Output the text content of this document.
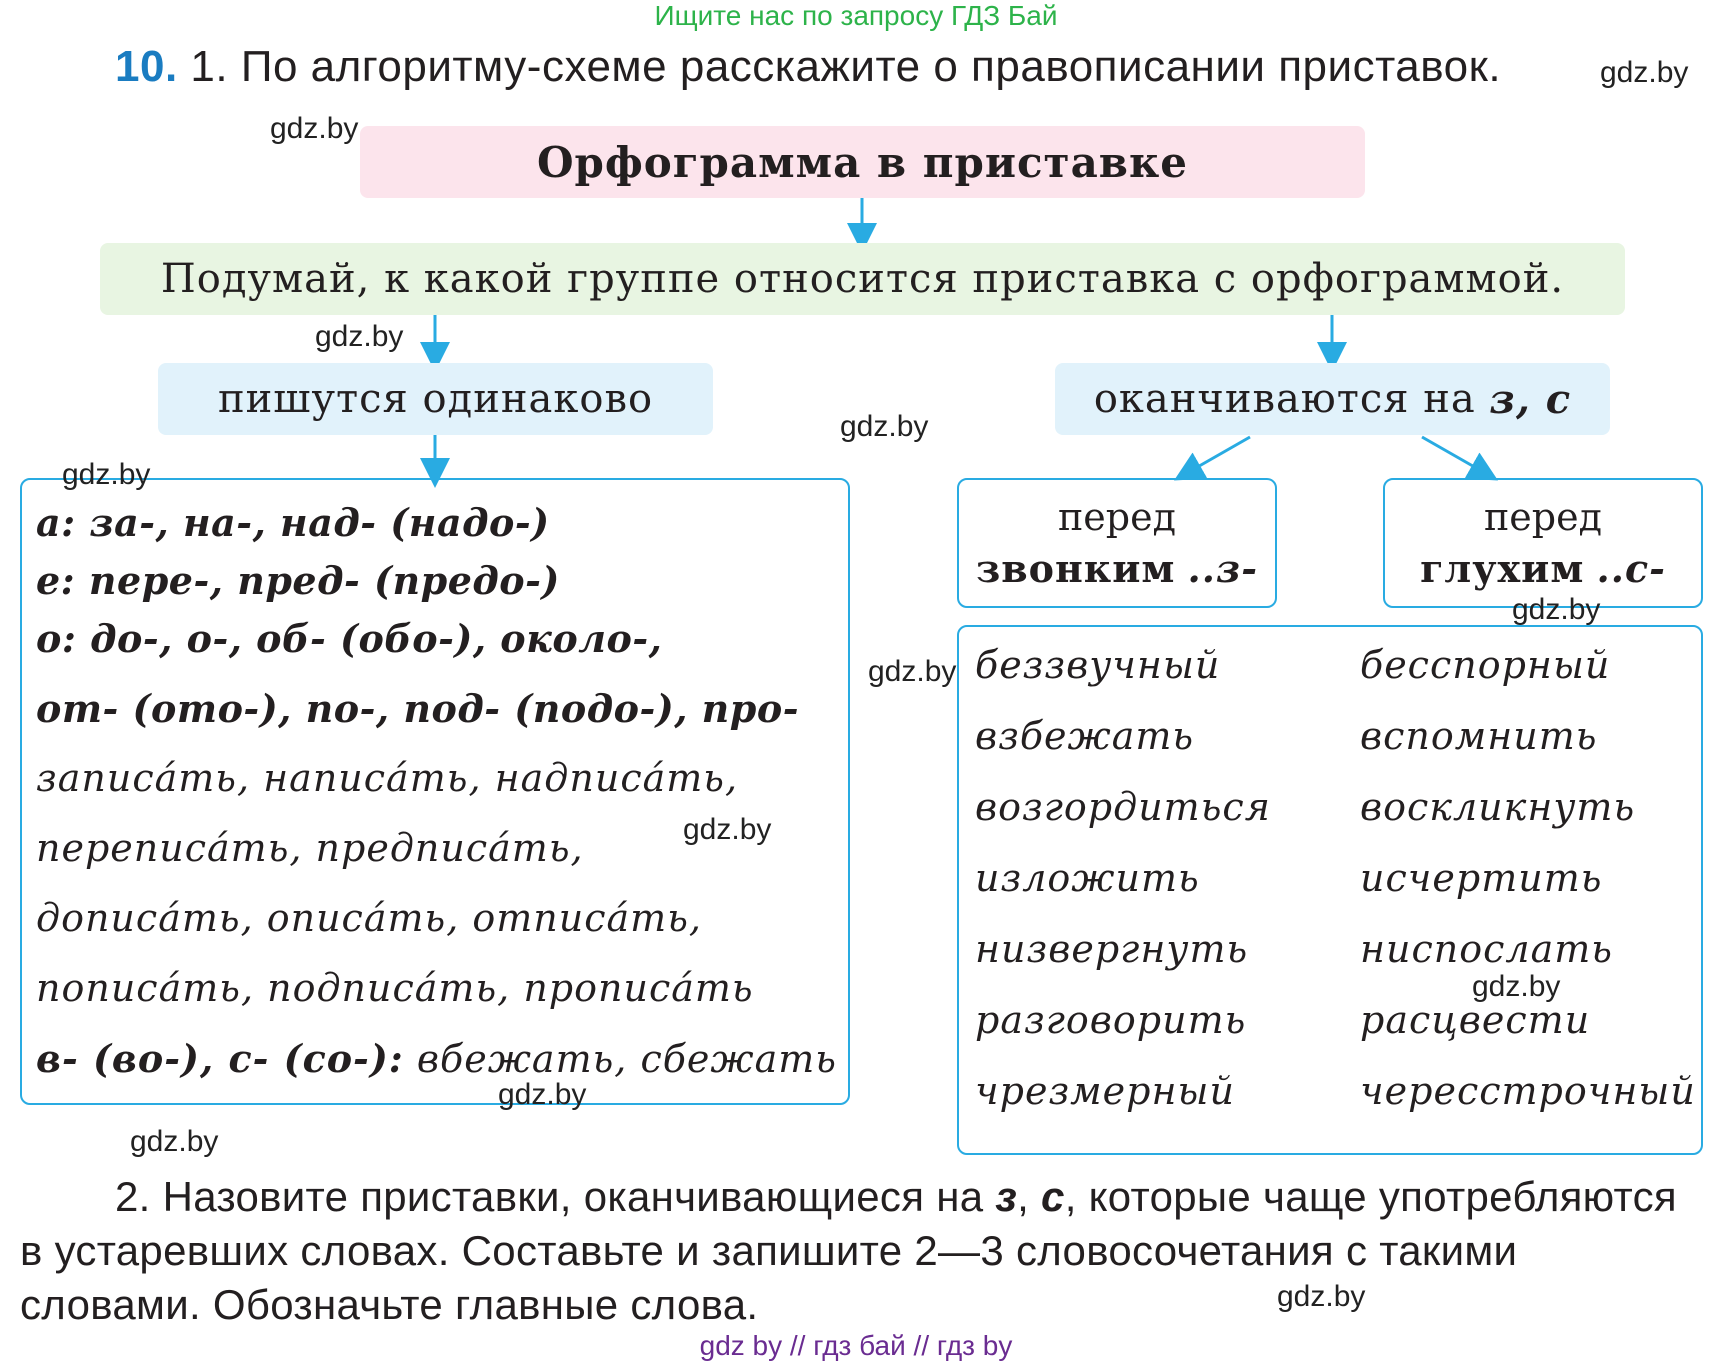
Ищите нас по запросу ГДЗ Бай
10. 1. По алгоритму-схеме расскажите о правописании приставок.
Орфограмма в приставке
Подумай, к какой группе относится приставка с орфограммой.
пишутся одинаково	оканчиваются на
з, с
а: за-, на-, над- (надо-)
е: пере-, пред- (предо-)
о: до-, о-, об- (обо-), около-,
от- (ото-), по-, под- (подо-), про-
записа́ть, написа́ть, надписа́ть,
переписа́ть, предписа́ть,
дописа́ть, описа́ть, отписа́ть,
пописа́ть, подписа́ть, прописа́ть
в- (во-), с- (со-): вбежать, сбежать
перед
звонким ..з-
перед
глухим ..с-
беззвучный
взбежать
возгордиться
изложить
низвергнуть
разговорить
чрезмерный
бесспорный
вспомнить
воскликнуть
исчертить
ниспослать
расцвести
чересстрочный
2. Назовите приставки, оканчивающиеся на з, с, которые чаще употребляются в устаревших словах. Составьте и запишите 2—3 словосочетания с такими словами. Обозначьте главные слова.
gdz.by
gdz.by
gdz.by
gdz.by
gdz.by
gdz.by
gdz.by
gdz.by
gdz.by
gdz.by
gdz.by
gdz.by
gdz by // гдз бай // гдз by
